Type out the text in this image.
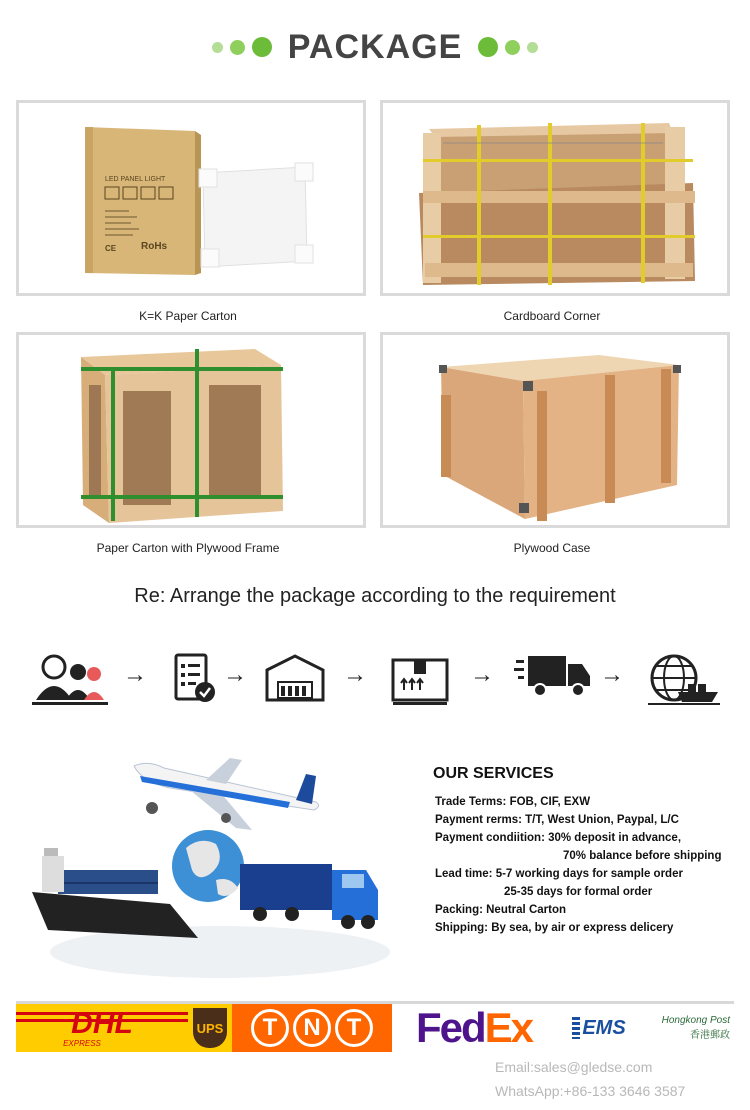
PACKAGE
LED PANEL LIGHT
CE RoHs
K=K Paper Carton	Cardboard Corner
Paper Carton with Plywood Frame	Plywood Case
Re: Arrange the package according to the requirement
→	→	→	→	→
OUR SERVICES
Trade Terms: FOB, CIF, EXW
Payment rerms: T/T, West Union, Paypal, L/C
Payment condiition: 30% deposit in advance,
70% balance before shipping
Lead time: 5-7 working days for sample order
25-35 days for formal order
Packing: Neutral Carton
Shipping: By sea, by air or express delicery
DHL
EXPRESS
UPS	T	N	T Fed Ex	EMS	Hongkong Post
香港郵政
Email:sales@gledse.com
WhatsApp:+86-133 3646 3587
